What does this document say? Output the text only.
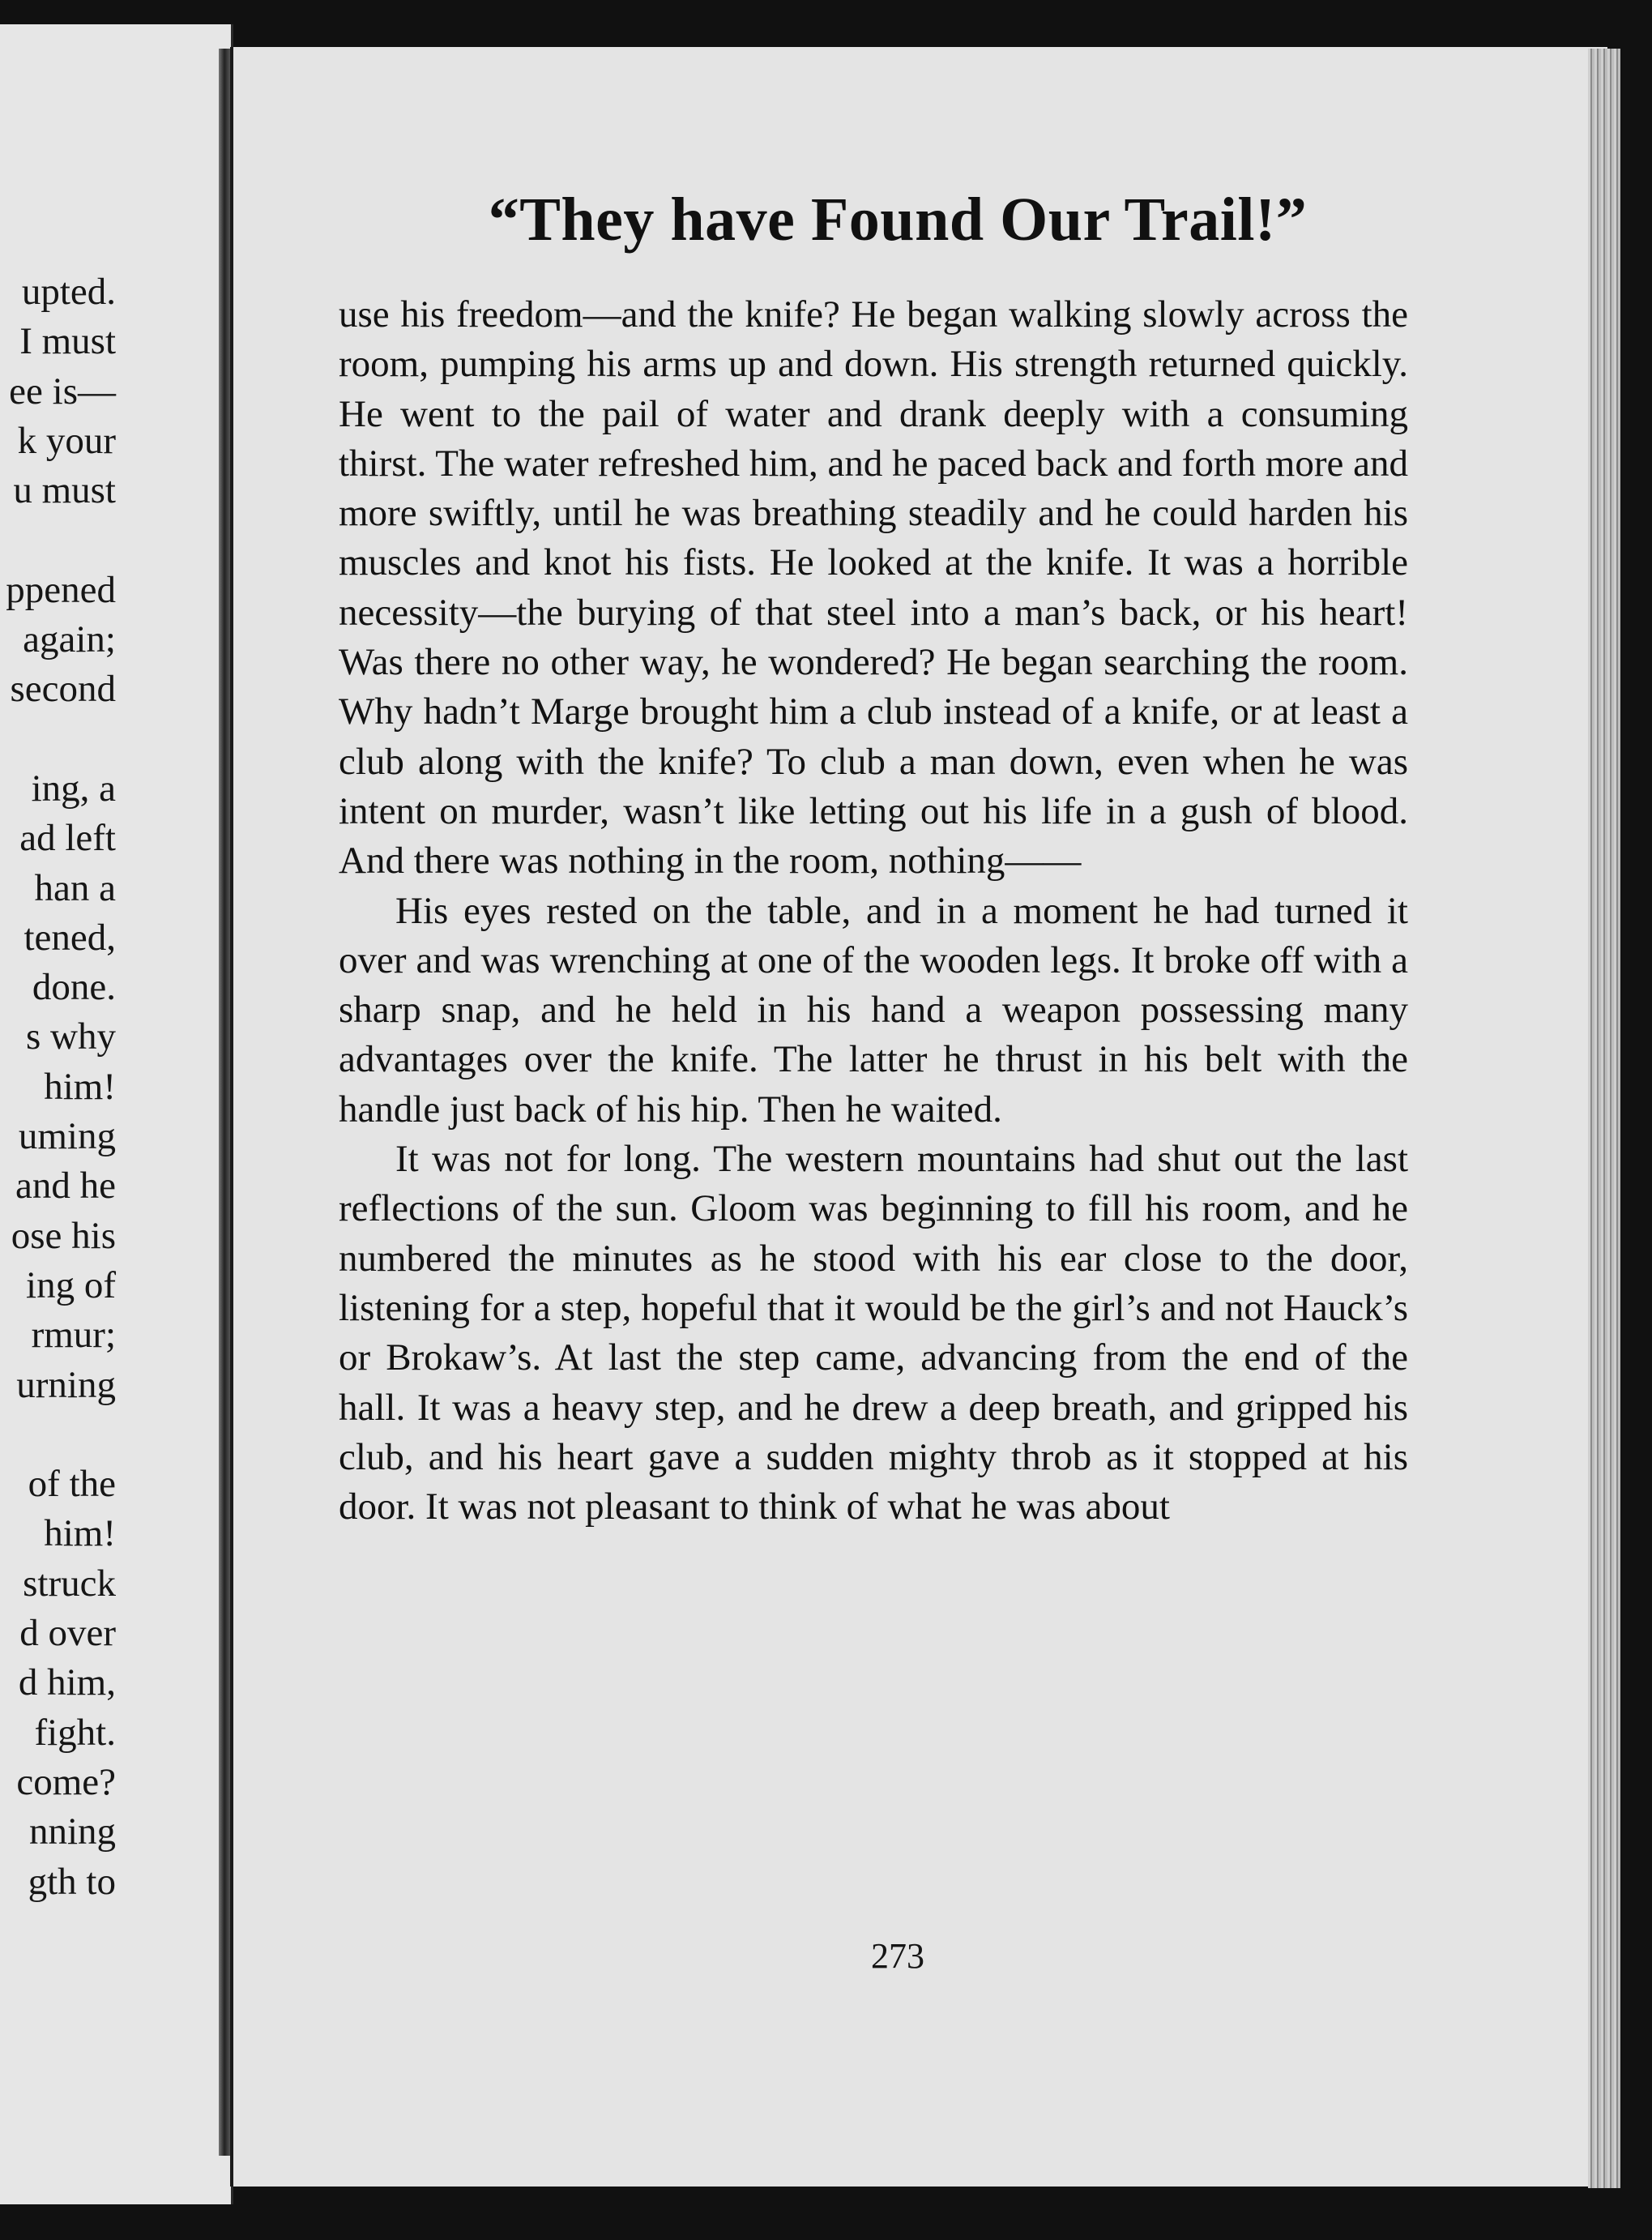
upted.
I must
ee is—
k your
u must
ppened
again;
second
ing, a
ad left
han a
tened,
done.
s why
him!
uming
and he
ose his
ing of
rmur;
urning
of the
him!
struck
d over
d him,
fight.
come?
nning
gth to
“They have Found Our Trail!”

use his freedom—and the knife? He began walking slowly across the room, pumping his arms up and down. His strength returned quickly. He went to the pail of water and drank deeply with a consuming thirst. The water refreshed him, and he paced back and forth more and more swiftly, until he was breathing steadily and he could harden his muscles and knot his fists. He looked at the knife. It was a horrible necessity—the burying of that steel into a man’s back, or his heart! Was there no other way, he wondered? He began searching the room. Why hadn’t Marge brought him a club instead of a knife, or at least a club along with the knife? To club a man down, even when he was intent on murder, wasn’t like letting out his life in a gush of blood. And there was nothing in the room, nothing——

His eyes rested on the table, and in a moment he had turned it over and was wrenching at one of the wooden legs. It broke off with a sharp snap, and he held in his hand a weapon possessing many advantages over the knife. The latter he thrust in his belt with the handle just back of his hip. Then he waited.

It was not for long. The western mountains had shut out the last reflections of the sun. Gloom was beginning to fill his room, and he numbered the minutes as he stood with his ear close to the door, listening for a step, hopeful that it would be the girl’s and not Hauck’s or Brokaw’s. At last the step came, advancing from the end of the hall. It was a heavy step, and he drew a deep breath, and gripped his club, and his heart gave a sudden mighty throb as it stopped at his door. It was not pleasant to think of what he was about

273
